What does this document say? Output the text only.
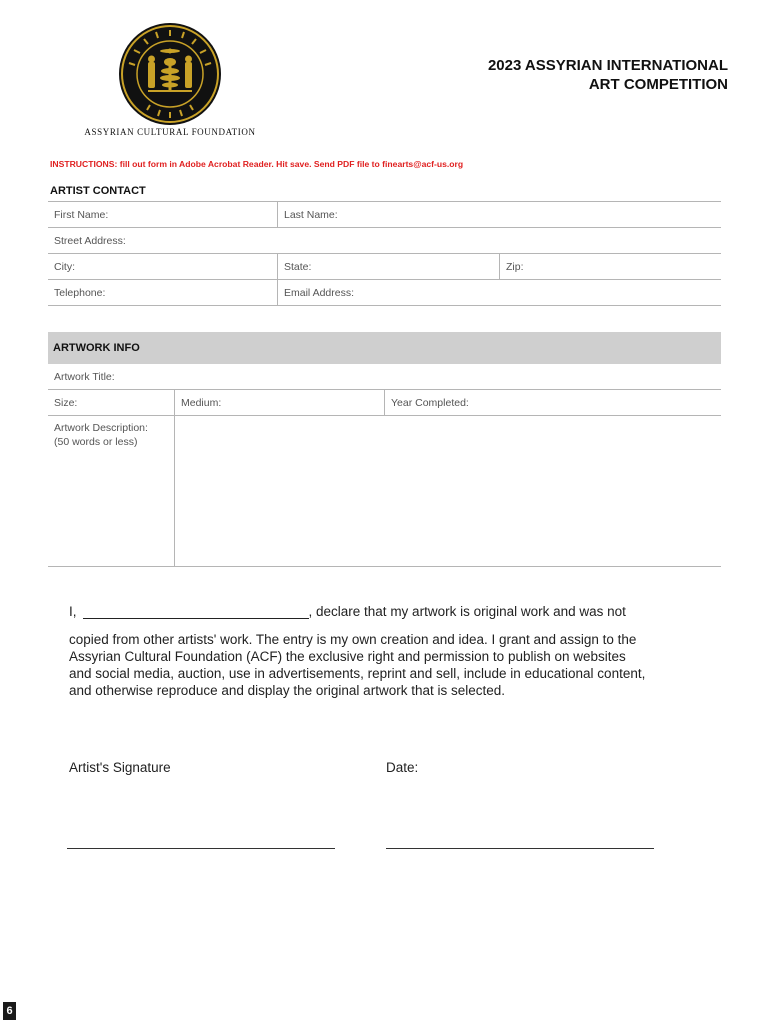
ASSYRIAN CULTURAL FOUNDATION
2023 ASSYRIAN INTERNATIONAL
ART COMPETITION
INSTRUCTIONS: fill out form in Adobe Acrobat Reader. Hit save. Send PDF file to finearts@acf-us.org
ARTIST CONTACT
First Name:	Last Name:
Street Address:
City:	State:	Zip:
Telephone:	Email Address:
ARTWORK INFO
Artwork Title:
Size:	Medium:	Year Completed:
Artwork Description:
(50 words or less)
I,	, declare that my artwork is original work and was not
copied from other artists' work. The entry is my own creation and idea. I grant and assign to the Assyrian Cultural Foundation (ACF) the exclusive right and permission to publish on websites and social media, auction, use in advertisements, reprint and sell, include in educational content, and otherwise reproduce and display the original artwork that is selected.
Artist's Signature	Date:
6
